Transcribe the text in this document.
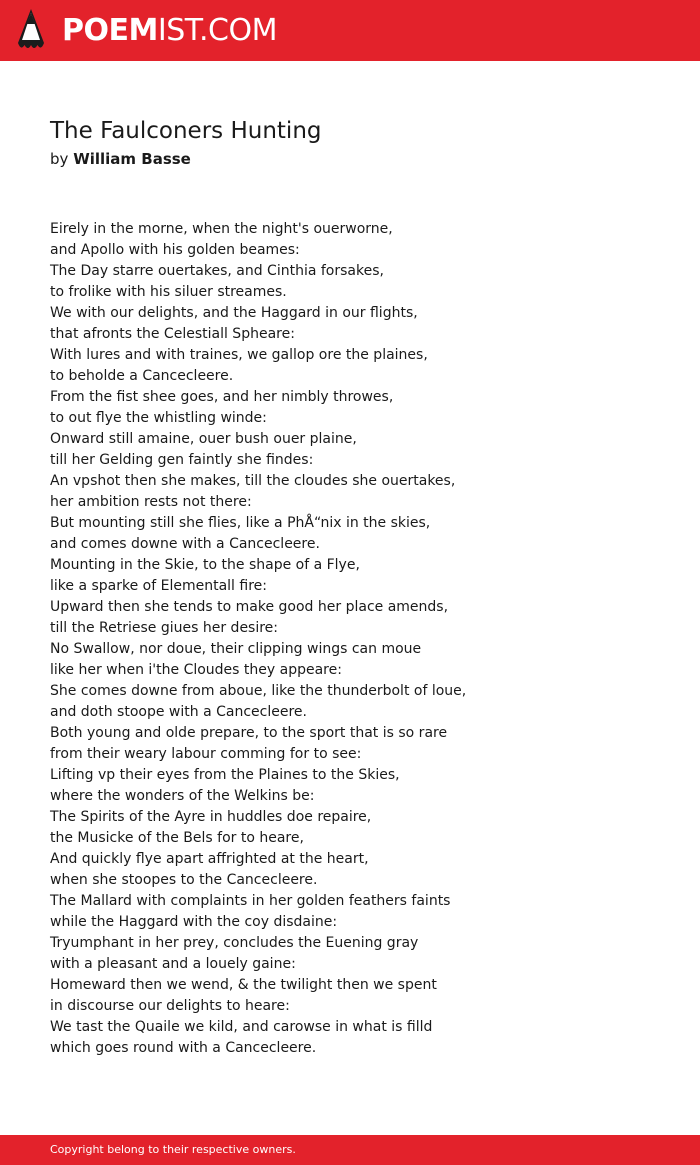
POEMIST.COM
The Faulconers Hunting
by William Basse
Eirely in the morne, when the night's ouerworne,
and Apollo with his golden beames:
The Day starre ouertakes, and Cinthia forsakes,
to frolike with his siluer streames.
We with our delights, and the Haggard in our flights,
that afronts the Celestiall Spheare:
With lures and with traines, we gallop ore the plaines,
to beholde a Cancecleere.
From the fist shee goes, and her nimbly throwes,
to out flye the whistling winde:
Onward still amaine, ouer bush ouer plaine,
till her Gelding gen faintly she findes:
An vpshot then she makes, till the cloudes she ouertakes,
her ambition rests not there:
But mounting still she flies, like a PhÅ“nix in the skies,
and comes downe with a Cancecleere.
Mounting in the Skie, to the shape of a Flye,
like a sparke of Elementall fire:
Upward then she tends to make good her place amends,
till the Retriese giues her desire:
No Swallow, nor doue, their clipping wings can moue
like her when i'the Cloudes they appeare:
She comes downe from aboue, like the thunderbolt of loue,
and doth stoope with a Cancecleere.
Both young and olde prepare, to the sport that is so rare
from their weary labour comming for to see:
Lifting vp their eyes from the Plaines to the Skies,
where the wonders of the Welkins be:
The Spirits of the Ayre in huddles doe repaire,
the Musicke of the Bels for to heare,
And quickly flye apart affrighted at the heart,
when she stoopes to the Cancecleere.
The Mallard with complaints in her golden feathers faints
while the Haggard with the coy disdaine:
Tryumphant in her prey, concludes the Euening gray
with a pleasant and a louely gaine:
Homeward then we wend, & the twilight then we spent
in discourse our delights to heare:
We tast the Quaile we kild, and carowse in what is filld
which goes round with a Cancecleere.
Copyright belong to their respective owners.
